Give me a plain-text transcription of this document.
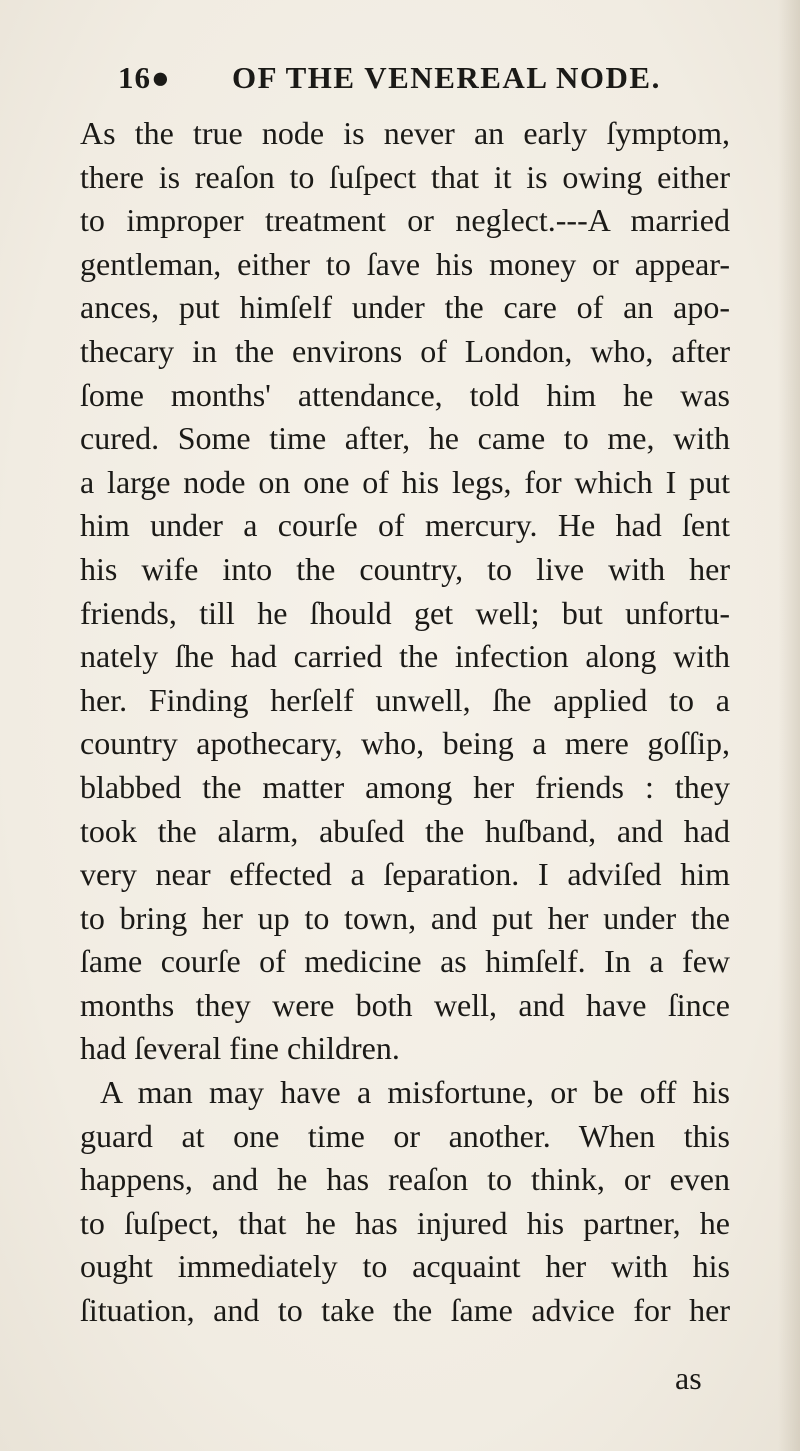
16● OF THE VENEREAL NODE.
As the true node is never an early ſymptom,
there is reaſon to ſuſpect that it is owing either
to improper treatment or neglect.---A married
gentleman, either to ſave his money or appear-
ances, put himſelf under the care of an apo-
thecary in the environs of London, who, after
ſome months' attendance, told him he was
cured. Some time after, he came to me, with
a large node on one of his legs, for which I put
him under a courſe of mercury. He had ſent
his wife into the country, to live with her
friends, till he ſhould get well; but unfortu-
nately ſhe had carried the infection along with
her. Finding herſelf unwell, ſhe applied to a
country apothecary, who, being a mere goſſip,
blabbed the matter among her friends : they
took the alarm, abuſed the huſband, and had
very near effected a ſeparation. I adviſed him
to bring her up to town, and put her under the
ſame courſe of medicine as himſelf. In a few
months they were both well, and have ſince
had ſeveral fine children.
A man may have a misfortune, or be off his
guard at one time or another. When this
happens, and he has reaſon to think, or even
to ſuſpect, that he has injured his partner, he
ought immediately to acquaint her with his
ſituation, and to take the ſame advice for her
as
